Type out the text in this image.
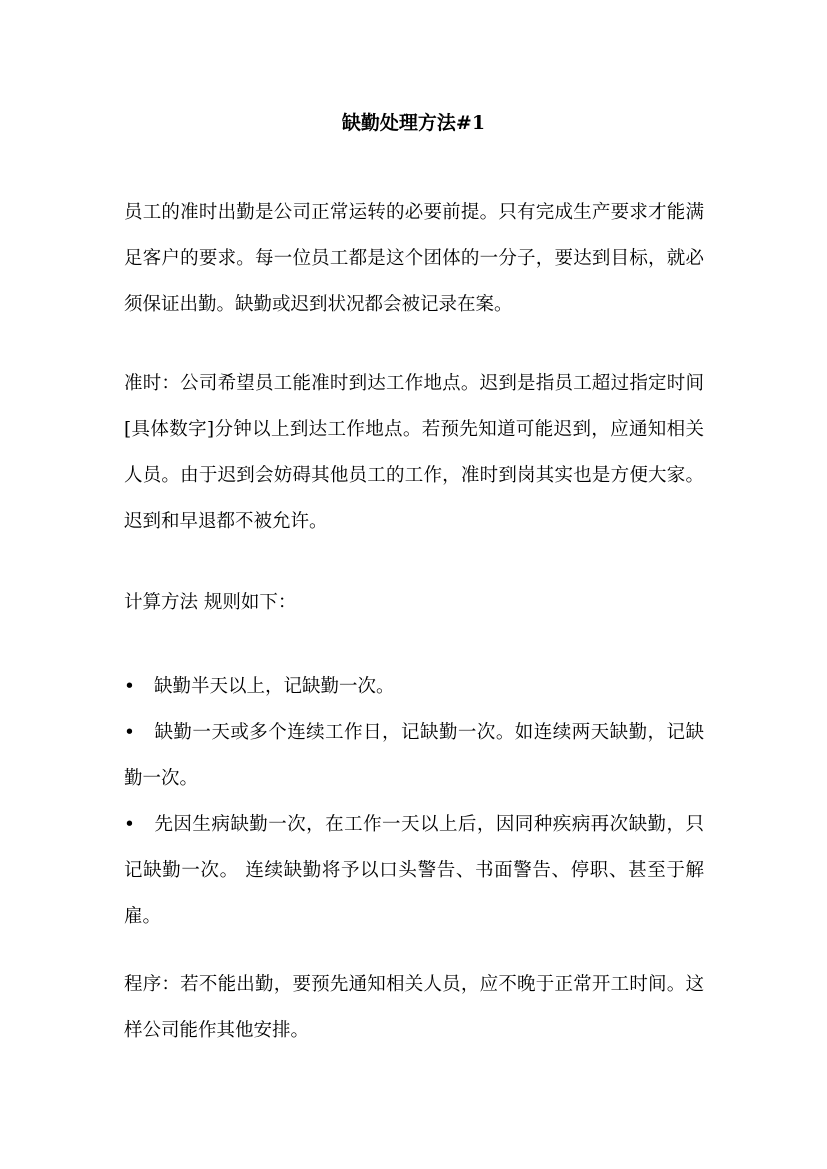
缺勤处理方法#1

员工的准时出勤是公司正常运转的必要前提。只有完成生产要求才能满足客户的要求。每一位员工都是这个团体的一分子，要达到目标，就必须保证出勤。缺勤或迟到状况都会被记录在案。

准时：公司希望员工能准时到达工作地点。迟到是指员工超过指定时间[具体数字]分钟以上到达工作地点。若预先知道可能迟到，应通知相关人员。由于迟到会妨碍其他员工的工作，准时到岗其实也是方便大家。迟到和早退都不被允许。

计算方法 规则如下：

• 缺勤半天以上，记缺勤一次。
• 缺勤一天或多个连续工作日，记缺勤一次。如连续两天缺勤，记缺勤一次。
• 先因生病缺勤一次，在工作一天以上后，因同种疾病再次缺勤，只记缺勤一次。 连续缺勤将予以口头警告、书面警告、停职、甚至于解雇。

程序：若不能出勤，要预先通知相关人员，应不晚于正常开工时间。这样公司能作其他安排。
